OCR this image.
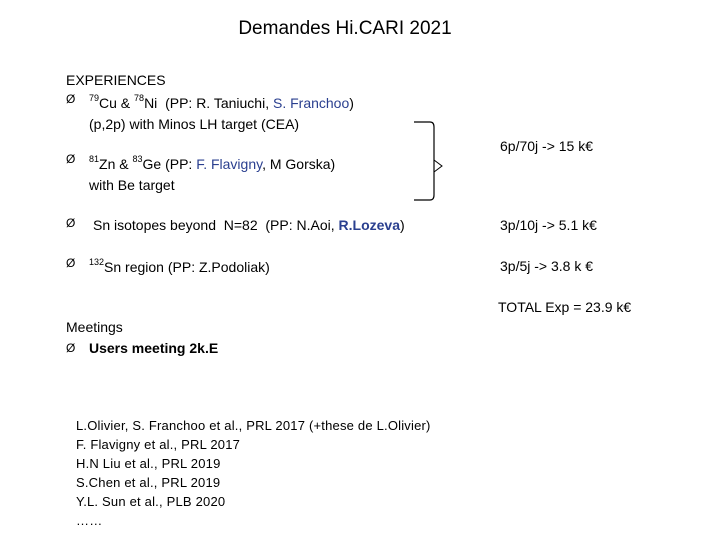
Demandes Hi.CARI 2021
EXPERIENCES
Ø $^{79}$Cu & $^{78}$Ni  (PP: R. Taniuchi, S. Franchoo)
(p,2p) with Minos LH target (CEA)
Ø $^{81}$Zn & $^{83}$Ge (PP: F. Flavigny, M Gorska)
with Be target
Ø Sn isotopes beyond  N=82  (PP: N.Aoi, R.Lozeva)
Ø $^{132}$Sn region (PP: Z.Podoliak)
6p/70j -> 15 k€
3p/10j -> 5.1 k€
3p/5j -> 3.8 k €
TOTAL Exp = 23.9 k€
Meetings
Ø Users meeting 2k.E
L.Olivier, S. Franchoo et al., PRL 2017 (+these de L.Olivier)
F. Flavigny et al., PRL 2017
H.N Liu et al., PRL 2019
S.Chen et al., PRL 2019
Y.L. Sun et al., PLB 2020
……
